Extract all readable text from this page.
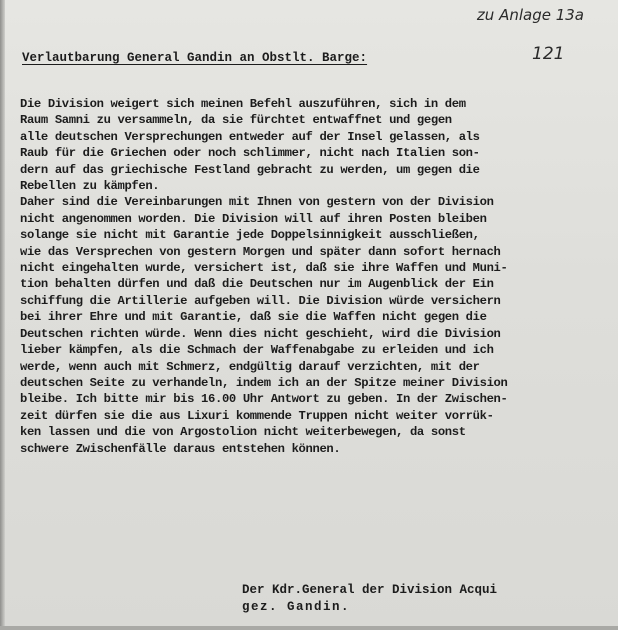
zu Anlage 13a
121
Verlautbarung General Gandin an Obstlt. Barge:
Die Division weigert sich meinen Befehl auszuführen, sich in dem
Raum Samni zu versammeln, da sie fürchtet entwaffnet und gegen
alle deutschen Versprechungen entweder auf der Insel gelassen, als
Raub für die Griechen oder noch schlimmer, nicht nach Italien son-
dern auf das griechische Festland gebracht zu werden, um gegen die
Rebellen zu kämpfen.
Daher sind die Vereinbarungen mit Ihnen von gestern von der Division
nicht angenommen worden. Die Division will auf ihren Posten bleiben
solange sie nicht mit Garantie jede Doppelsinnigkeit ausschließen,
wie das Versprechen von gestern Morgen und später dann sofort hernach
nicht eingehalten wurde, versichert ist, daß sie ihre Waffen und Muni-
tion behalten dürfen und daß die Deutschen nur im Augenblick der Ein
schiffung die Artillerie aufgeben will. Die Division würde versichern
bei ihrer Ehre und mit Garantie, daß sie die Waffen nicht gegen die
Deutschen richten würde. Wenn dies nicht geschieht, wird die Division
lieber kämpfen, als die Schmach der Waffenabgabe zu erleiden und ich
werde, wenn auch mit Schmerz, endgültig darauf verzichten, mit der
deutschen Seite zu verhandeln, indem ich an der Spitze meiner Division
bleibe. Ich bitte mir bis 16.00 Uhr Antwort zu geben. In der Zwischen-
zeit dürfen sie die aus Lixuri kommende Truppen nicht weiter vorrük-
ken lassen und die von Argostolion nicht weiterbewegen, da sonst
schwere Zwischenfälle daraus entstehen können.
Der Kdr.General der Division Acqui
gez. Gandin.
